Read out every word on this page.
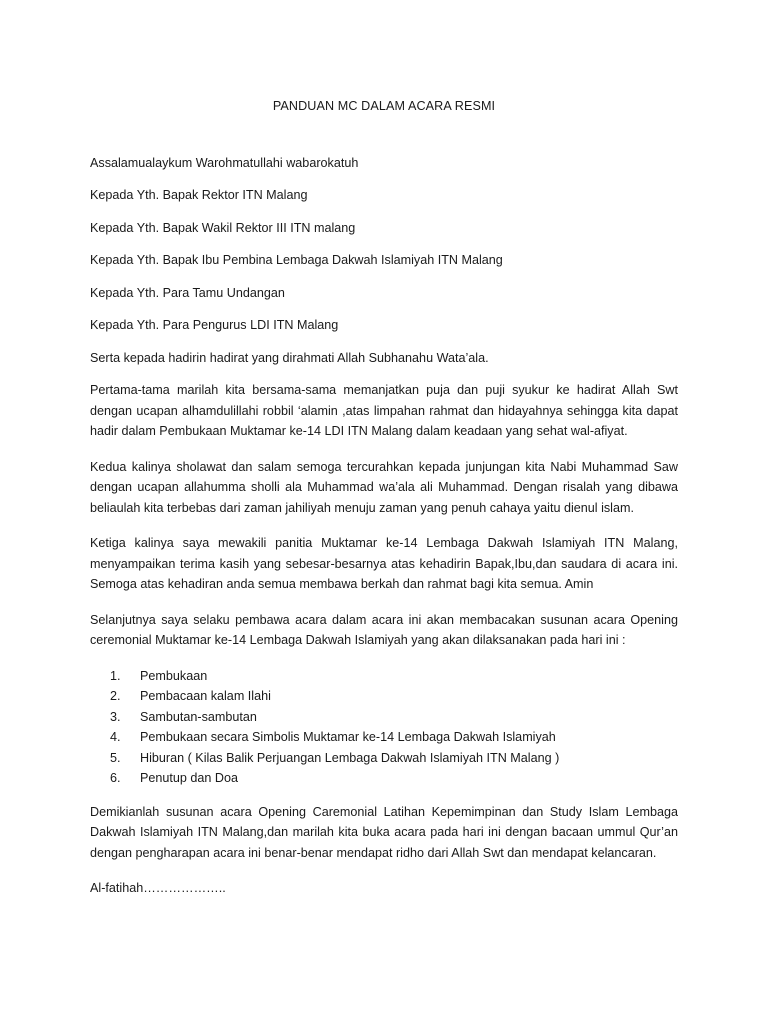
PANDUAN MC DALAM ACARA RESMI
Assalamualaykum Warohmatullahi wabarokatuh
Kepada Yth. Bapak Rektor ITN Malang
Kepada Yth. Bapak Wakil Rektor III ITN malang
Kepada Yth. Bapak Ibu Pembina Lembaga Dakwah Islamiyah ITN Malang
Kepada Yth. Para Tamu Undangan
Kepada Yth. Para Pengurus LDI ITN Malang
Serta kepada hadirin hadirat yang dirahmati Allah Subhanahu Wata’ala.

Pertama-tama marilah kita bersama-sama memanjatkan puja dan puji syukur ke hadirat Allah Swt dengan ucapan alhamdulillahi robbil ‘alamin ,atas limpahan rahmat dan hidayahnya sehingga kita dapat hadir dalam Pembukaan Muktamar ke-14 LDI ITN Malang dalam keadaan yang sehat wal-afiyat.

Kedua kalinya sholawat dan salam semoga tercurahkan kepada junjungan kita Nabi Muhammad Saw dengan ucapan allahumma sholli ala Muhammad wa’ala ali Muhammad. Dengan risalah yang dibawa beliaulah kita terbebas dari zaman jahiliyah menuju zaman yang penuh cahaya yaitu dienul islam.

Ketiga kalinya saya mewakili panitia Muktamar ke-14 Lembaga Dakwah Islamiyah ITN Malang, menyampaikan terima kasih yang sebesar-besarnya atas kehadirin Bapak,Ibu,dan saudara di acara ini. Semoga atas kehadiran anda semua membawa berkah dan rahmat bagi kita semua. Amin

Selanjutnya saya selaku pembawa acara dalam acara ini akan membacakan susunan acara Opening ceremonial Muktamar ke-14 Lembaga Dakwah Islamiyah yang akan dilaksanakan pada hari ini :

1.	Pembukaan
2.	Pembacaan kalam Ilahi
3.	Sambutan-sambutan
4.	Pembukaan secara Simbolis Muktamar ke-14 Lembaga Dakwah Islamiyah
5.	Hiburan ( Kilas Balik Perjuangan Lembaga Dakwah Islamiyah ITN Malang )
6.	Penutup dan Doa

Demikianlah susunan acara Opening Caremonial Latihan Kepemimpinan dan Study Islam Lembaga Dakwah Islamiyah ITN Malang,dan marilah kita buka acara pada hari ini dengan bacaan ummul Qur’an dengan pengharapan acara ini benar-benar mendapat ridho dari Allah Swt dan mendapat kelancaran.

Al-fatihah………………..
